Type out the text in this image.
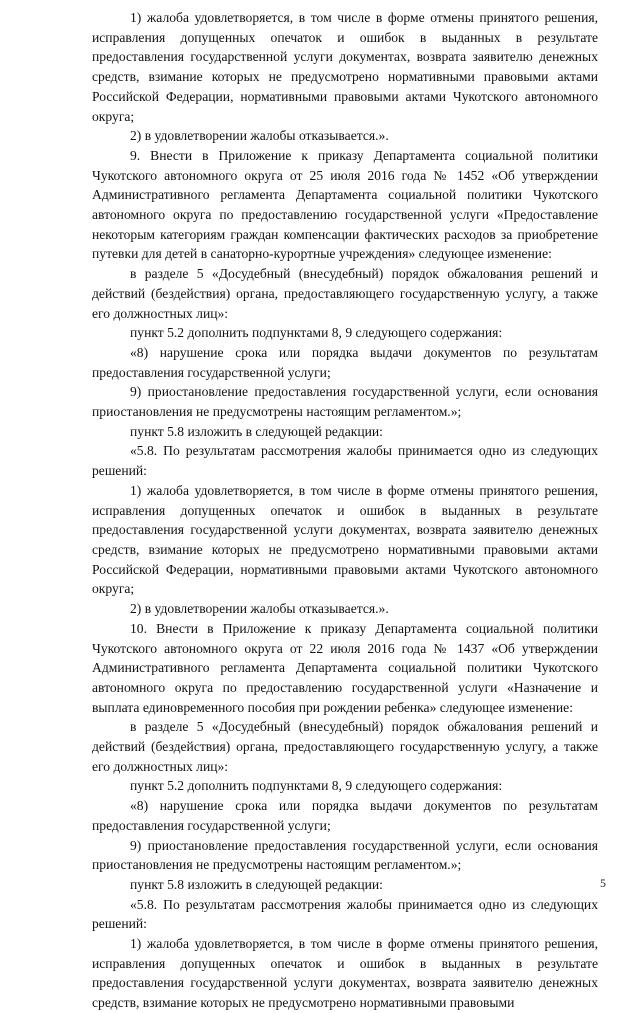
1) жалоба удовлетворяется, в том числе в форме отмены принятого решения, исправления допущенных опечаток и ошибок в выданных в результате предоставления государственной услуги документах, возврата заявителю денежных средств, взимание которых не предусмотрено нормативными правовыми актами Российской Федерации, нормативными правовыми актами Чукотского автономного округа;

2) в удовлетворении жалобы отказывается.».

9. Внести в Приложение к приказу Департамента социальной политики Чукотского автономного округа от 25 июля 2016 года № 1452 «Об утверждении Административного регламента Департамента социальной политики Чукотского автономного округа по предоставлению государственной услуги «Предоставление некоторым категориям граждан компенсации фактических расходов за приобретение путевки для детей в санаторно-курортные учреждения» следующее изменение:

в разделе 5 «Досудебный (внесудебный) порядок обжалования решений и действий (бездействия) органа, предоставляющего государственную услугу, а также его должностных лиц»:

пункт 5.2 дополнить подпунктами 8, 9 следующего содержания:

«8) нарушение срока или порядка выдачи документов по результатам предоставления государственной услуги;

9) приостановление предоставления государственной услуги, если основания приостановления не предусмотрены настоящим регламентом.»;

пункт 5.8 изложить в следующей редакции:

«5.8. По результатам рассмотрения жалобы принимается одно из следующих решений:

1) жалоба удовлетворяется, в том числе в форме отмены принятого решения, исправления допущенных опечаток и ошибок в выданных в результате предоставления государственной услуги документах, возврата заявителю денежных средств, взимание которых не предусмотрено нормативными правовыми актами Российской Федерации, нормативными правовыми актами Чукотского автономного округа;

2) в удовлетворении жалобы отказывается.».

10. Внести в Приложение к приказу Департамента социальной политики Чукотского автономного округа от 22 июля 2016 года № 1437 «Об утверждении Административного регламента Департамента социальной политики Чукотского автономного округа по предоставлению государственной услуги «Назначение и выплата единовременного пособия при рождении ребенка» следующее изменение:

в разделе 5 «Досудебный (внесудебный) порядок обжалования решений и действий (бездействия) органа, предоставляющего государственную услугу, а также его должностных лиц»:

пункт 5.2 дополнить подпунктами 8, 9 следующего содержания:

«8) нарушение срока или порядка выдачи документов по результатам предоставления государственной услуги;

9) приостановление предоставления государственной услуги, если основания приостановления не предусмотрены настоящим регламентом.»;

пункт 5.8 изложить в следующей редакции:

«5.8. По результатам рассмотрения жалобы принимается одно из следующих решений:

1) жалоба удовлетворяется, в том числе в форме отмены принятого решения, исправления допущенных опечаток и ошибок в выданных в результате предоставления государственной услуги документах, возврата заявителю денежных средств, взимание которых не предусмотрено нормативными правовыми

5
